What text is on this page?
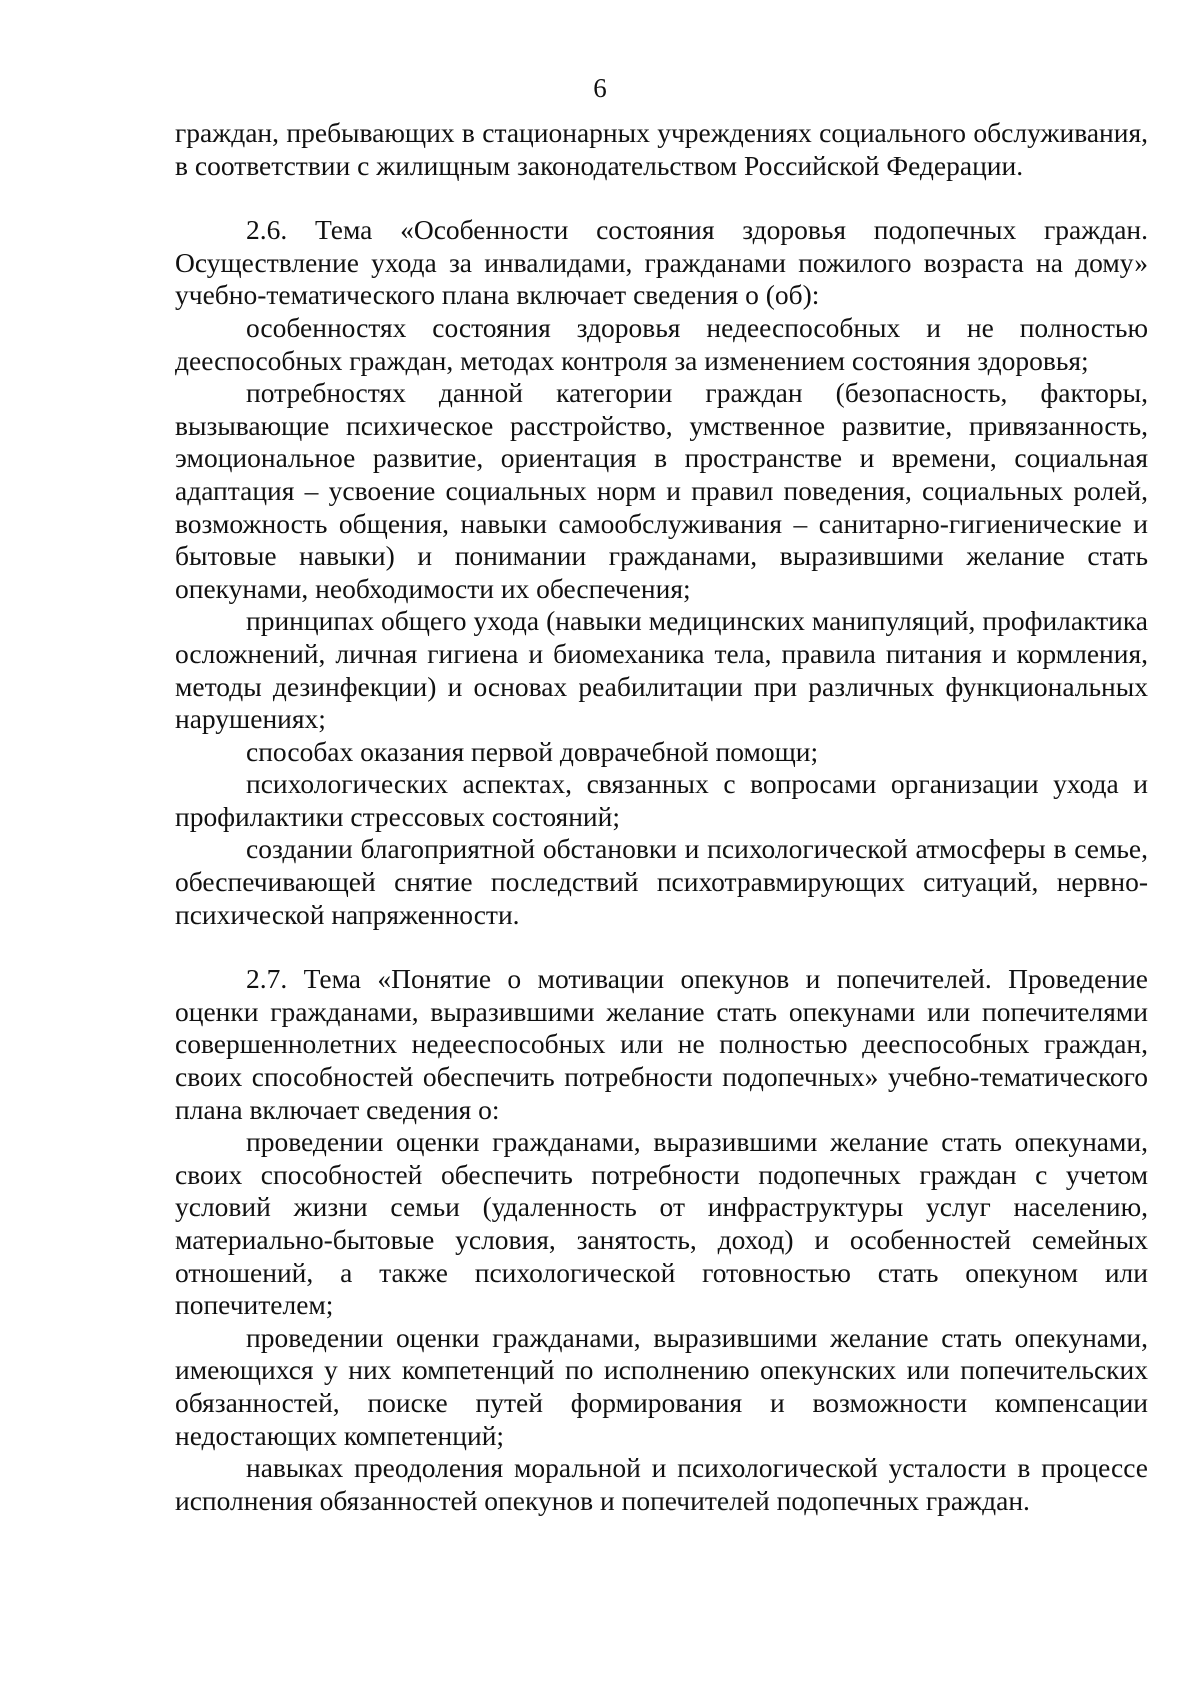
6

граждан, пребывающих в стационарных учреждениях социального обслуживания, в соответствии с жилищным законодательством Российской Федерации.

2.6. Тема «Особенности состояния здоровья подопечных граждан. Осуществление ухода за инвалидами, гражданами пожилого возраста на дому» учебно-тематического плана включает сведения о (об):

особенностях состояния здоровья недееспособных и не полностью дееспособных граждан, методах контроля за изменением состояния здоровья;

потребностях данной категории граждан (безопасность, факторы, вызывающие психическое расстройство, умственное развитие, привязанность, эмоциональное развитие, ориентация в пространстве и времени, социальная адаптация – усвоение социальных норм и правил поведения, социальных ролей, возможность общения, навыки самообслуживания – санитарно-гигиенические и бытовые навыки) и понимании гражданами, выразившими желание стать опекунами, необходимости их обеспечения;

принципах общего ухода (навыки медицинских манипуляций, профилактика осложнений, личная гигиена и биомеханика тела, правила питания и кормления, методы дезинфекции) и основах реабилитации при различных функциональных нарушениях;

способах оказания первой доврачебной помощи;

психологических аспектах, связанных с вопросами организации ухода и профилактики стрессовых состояний;

создании благоприятной обстановки и психологической атмосферы в семье, обеспечивающей снятие последствий психотравмирующих ситуаций, нервно-психической напряженности.

2.7. Тема «Понятие о мотивации опекунов и попечителей. Проведение оценки гражданами, выразившими желание стать опекунами или попечителями совершеннолетних недееспособных или не полностью дееспособных граждан, своих способностей обеспечить потребности подопечных» учебно-тематического плана включает сведения о:

проведении оценки гражданами, выразившими желание стать опекунами, своих способностей обеспечить потребности подопечных граждан с учетом условий жизни семьи (удаленность от инфраструктуры услуг населению, материально-бытовые условия, занятость, доход) и особенностей семейных отношений, а также психологической готовностью стать опекуном или попечителем;

проведении оценки гражданами, выразившими желание стать опекунами, имеющихся у них компетенций по исполнению опекунских или попечительских обязанностей, поиске путей формирования и возможности компенсации недостающих компетенций;

навыках преодоления моральной и психологической усталости в процессе исполнения обязанностей опекунов и попечителей подопечных граждан.
